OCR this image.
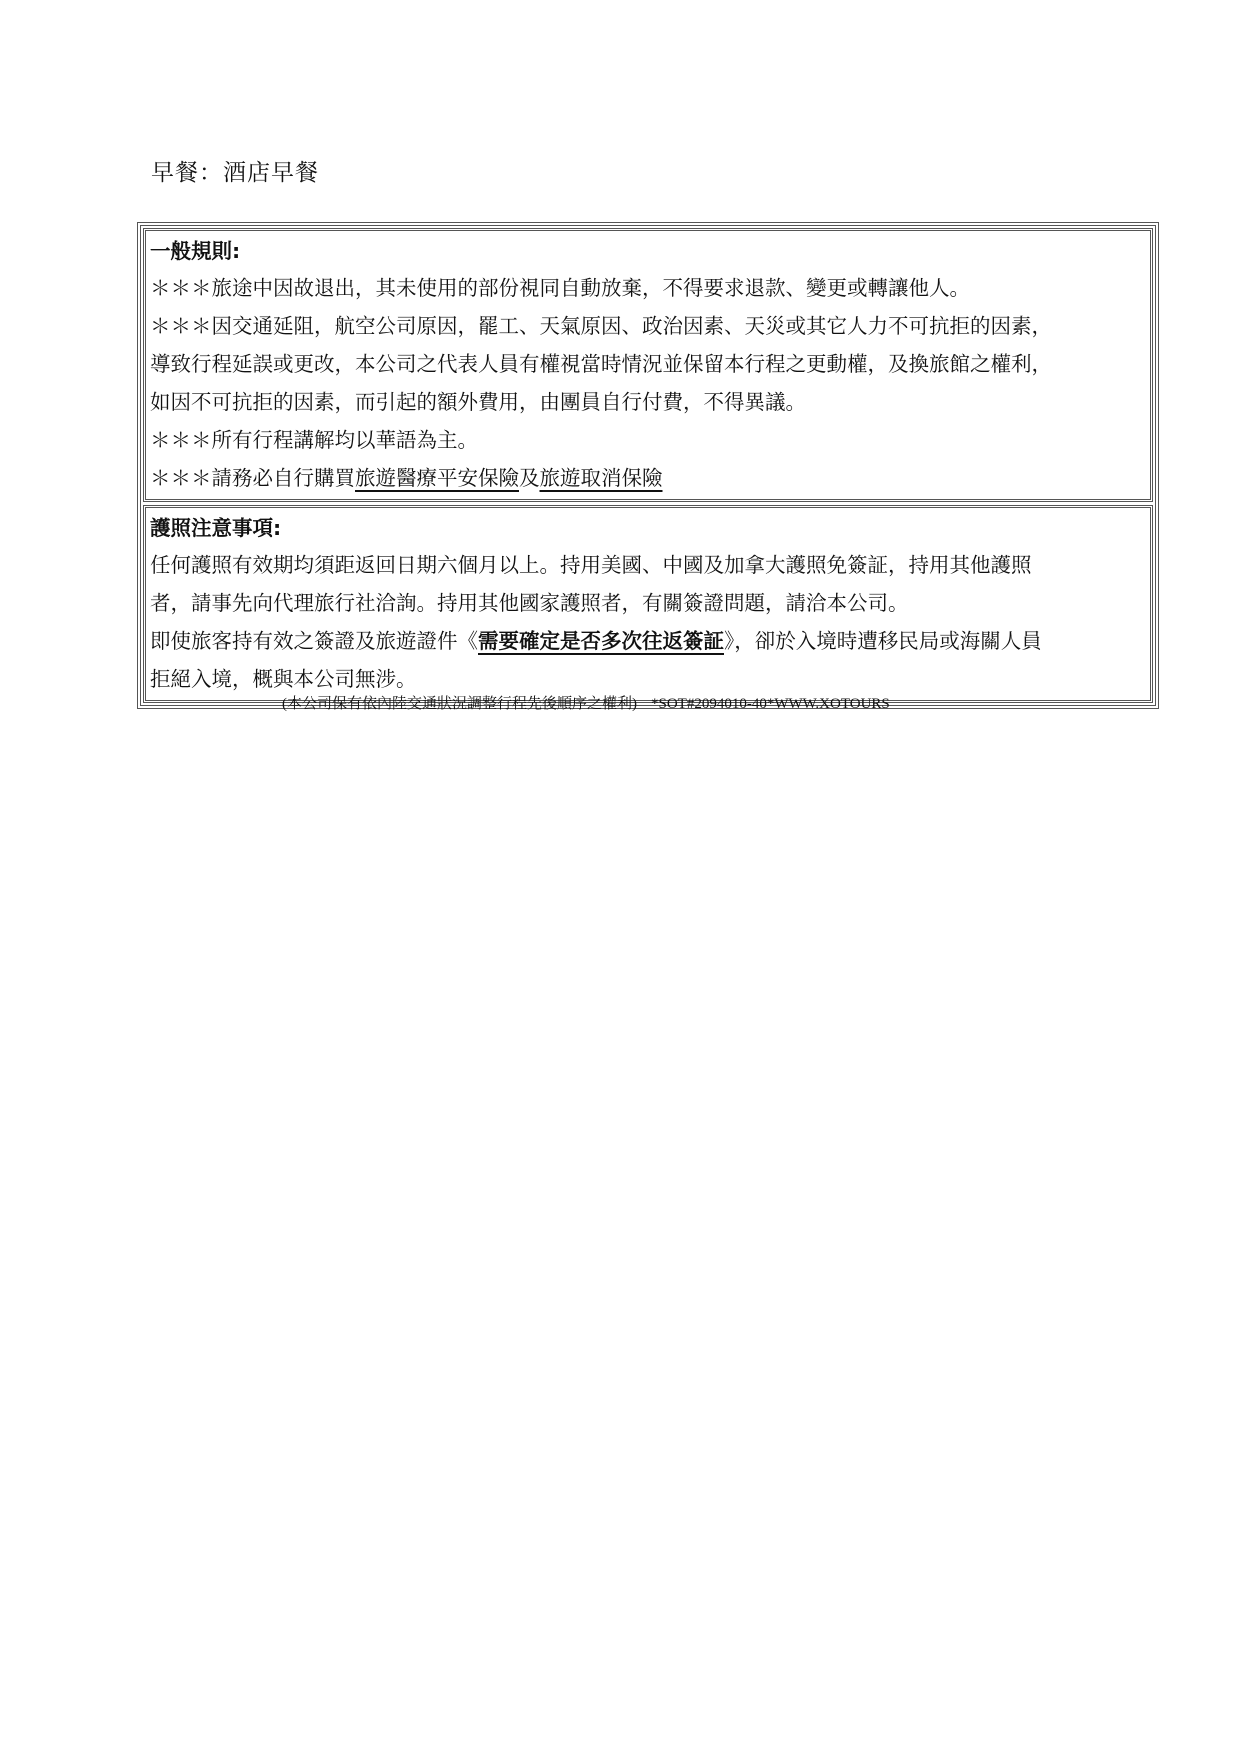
早餐：酒店早餐
一般規則:
＊＊＊旅途中因故退出，其未使用的部份視同自動放棄，不得要求退款、變更或轉讓他人。
＊＊＊因交通延阻，航空公司原因，罷工、天氣原因、政治因素、天災或其它人力不可抗拒的因素，
導致行程延誤或更改，本公司之代表人員有權視當時情況並保留本行程之更動權，及換旅館之權利，
如因不可抗拒的因素，而引起的額外費用，由團員自行付費，不得異議。
＊＊＊所有行程講解均以華語為主。
＊＊＊請務必自行購買旅遊醫療平安保險及旅遊取消保險
護照注意事項:
任何護照有效期均須距返回日期六個月以上。持用美國、中國及加拿大護照免簽証，持用其他護照
者，請事先向代理旅行社洽詢。持用其他國家護照者，有關簽證問題，請洽本公司。
即使旅客持有效之簽證及旅遊證件《需要確定是否多次往返簽証》，卻於入境時遭移民局或海關人員
拒絕入境，概與本公司無涉。
(本公司保有依內陸交通狀況調整行程先後順序之權利) *SOT#2094010-40*WWW.XOTOURS
